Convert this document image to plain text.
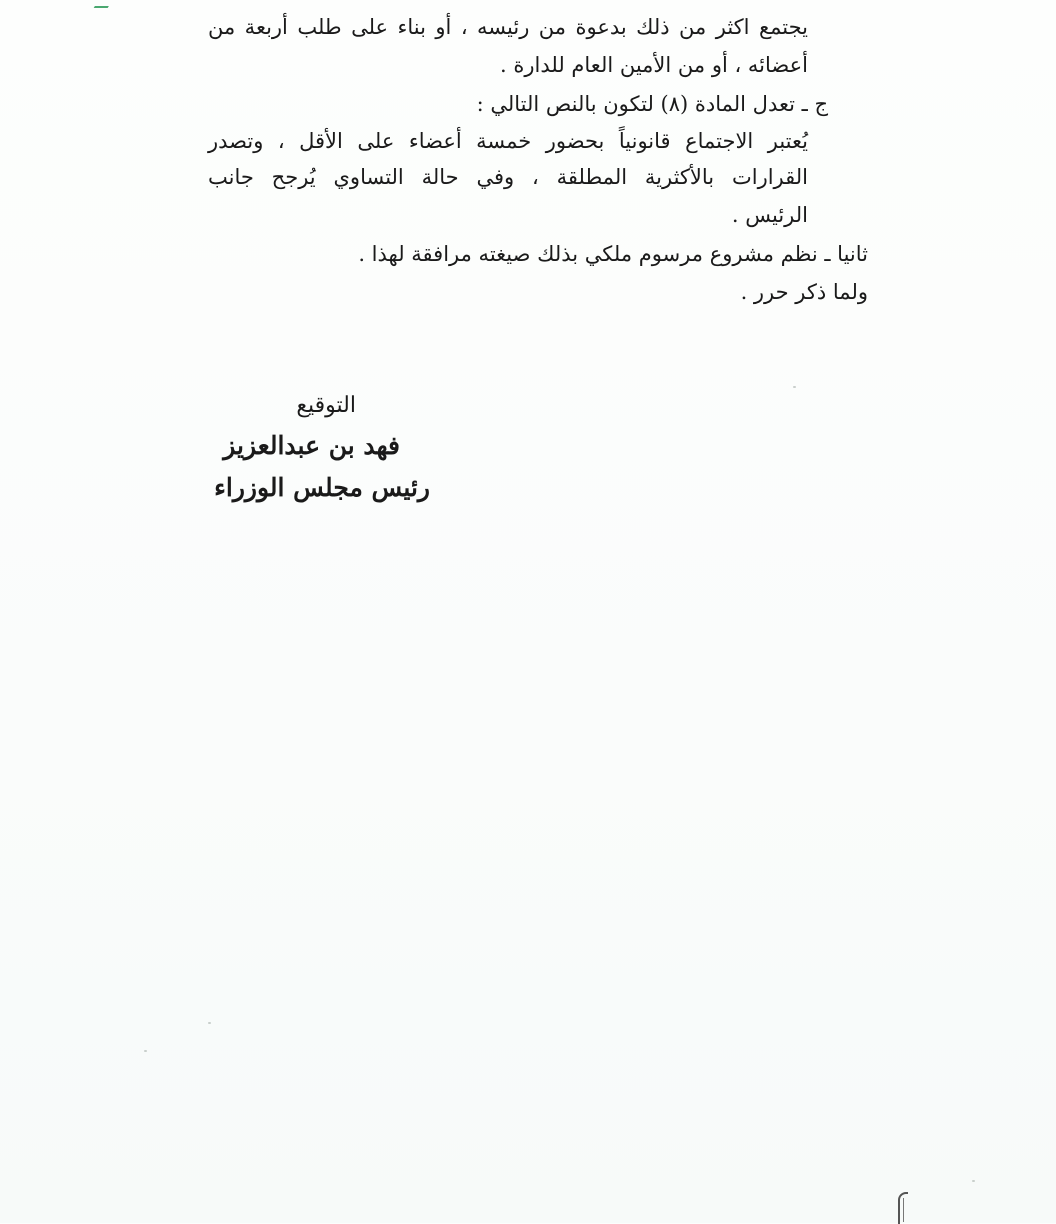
يجتمع اكثر من ذلك بدعوة من رئيسه ، أو بناء على طلب أربعة من
أعضائه ، أو من الأمين العام للدارة .
ج ـ تعدل المادة (٨) لتكون بالنص التالي :
يُعتبر الاجتماع قانونياً بحضور خمسة أعضاء على الأقل ، وتصدر
القرارات بالأكثرية المطلقة ، وفي حالة التساوي يُرجح جانب
الرئيس .
ثانيا ـ نظم مشروع مرسوم ملكي بذلك صيغته مرافقة لهذا .
ولما ذكر حرر .
التوقيع
فهد بن عبدالعزيز
رئيس مجلس الوزراء
